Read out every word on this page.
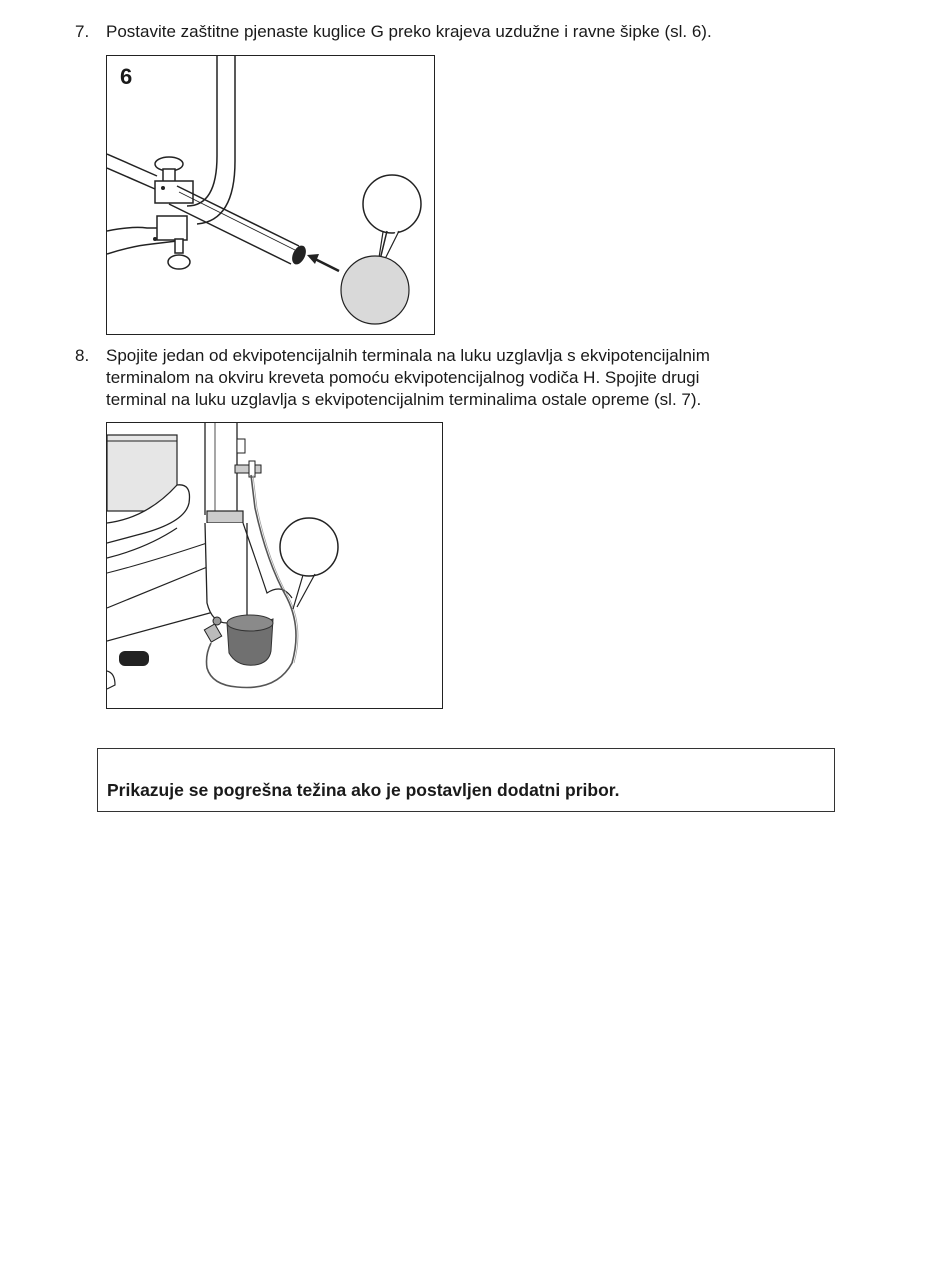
7. Postavite zaštitne pjenaste kuglice G preko krajeva uzdužne i ravne šipke (sl. 6).
6
8. Spojite jedan od ekvipotencijalnih terminala na luku uzglavlja s ekvipotencijalnim
terminalom na okviru kreveta pomoću ekvipotencijalnog vodiča H. Spojite drugi
terminal na luku uzglavlja s ekvipotencijalnim terminalima ostale opreme (sl. 7).
Prikazuje se pogrešna težina ako je postavljen dodatni pribor.
